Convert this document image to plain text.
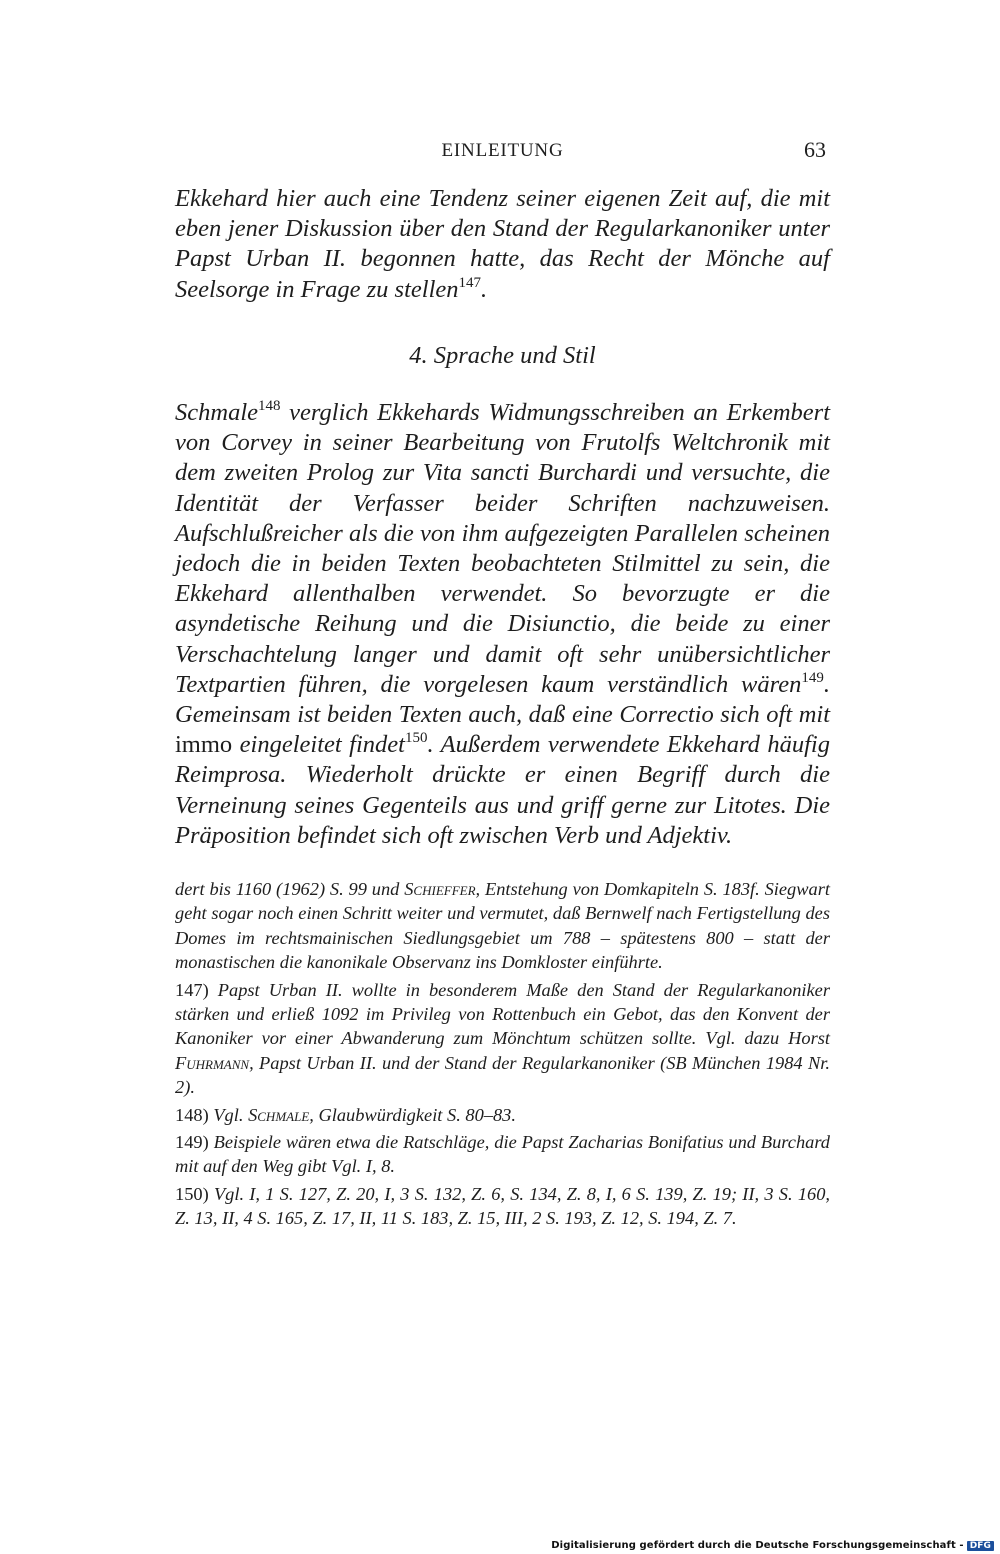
EINLEITUNG	63

Ekkehard hier auch eine Tendenz seiner eigenen Zeit auf, die mit eben jener Diskussion über den Stand der Regularkanoniker unter Papst Urban II. begonnen hatte, das Recht der Mönche auf Seelsorge in Frage zu stellen$^{147}$.

4. Sprache und Stil

Schmale$^{148}$ verglich Ekkehards Widmungsschreiben an Erkembert von Corvey in seiner Bearbeitung von Frutolfs Weltchronik mit dem zweiten Prolog zur Vita sancti Burchardi und versuchte, die Identität der Verfasser beider Schriften nachzuweisen. Aufschlußreicher als die von ihm aufgezeigten Parallelen scheinen jedoch die in beiden Texten beobachteten Stilmittel zu sein, die Ekkehard allenthalben verwendet. So bevorzugte er die asyndetische Reihung und die Disiunctio, die beide zu einer Verschachtelung langer und damit oft sehr unübersichtlicher Textpartien führen, die vorgelesen kaum verständlich wären$^{149}$. Gemeinsam ist beiden Texten auch, daß eine Correctio sich oft mit immo eingeleitet findet$^{150}$. Außerdem verwendete Ekkehard häufig Reimprosa. Wiederholt drückte er einen Begriff durch die Verneinung seines Gegenteils aus und griff gerne zur Litotes. Die Präposition befindet sich oft zwischen Verb und Adjektiv.

dert bis 1160 (1962) S. 99 und Schieffer, Entstehung von Domkapiteln S. 183f. Siegwart geht sogar noch einen Schritt weiter und vermutet, daß Bernwelf nach Fertigstellung des Domes im rechtsmainischen Siedlungsgebiet um 788 – spätestens 800 – statt der monastischen die kanonikale Observanz ins Domkloster einführte.

147) Papst Urban II. wollte in besonderem Maße den Stand der Regularkanoniker stärken und erließ 1092 im Privileg von Rottenbuch ein Gebot, das den Konvent der Kanoniker vor einer Abwanderung zum Mönchtum schützen sollte. Vgl. dazu Horst Fuhrmann, Papst Urban II. und der Stand der Regularkanoniker (SB München 1984 Nr. 2).

148) Vgl. Schmale, Glaubwürdigkeit S. 80–83.

149) Beispiele wären etwa die Ratschläge, die Papst Zacharias Bonifatius und Burchard mit auf den Weg gibt Vgl. I, 8.

150) Vgl. I, 1 S. 127, Z. 20, I, 3 S. 132, Z. 6, S. 134, Z. 8, I, 6 S. 139, Z. 19; II, 3 S. 160, Z. 13, II, 4 S. 165, Z. 17, II, 11 S. 183, Z. 15, III, 2 S. 193, Z. 12, S. 194, Z. 7.

Digitalisierung gefördert durch die Deutsche Forschungsgemeinschaft - DFG
